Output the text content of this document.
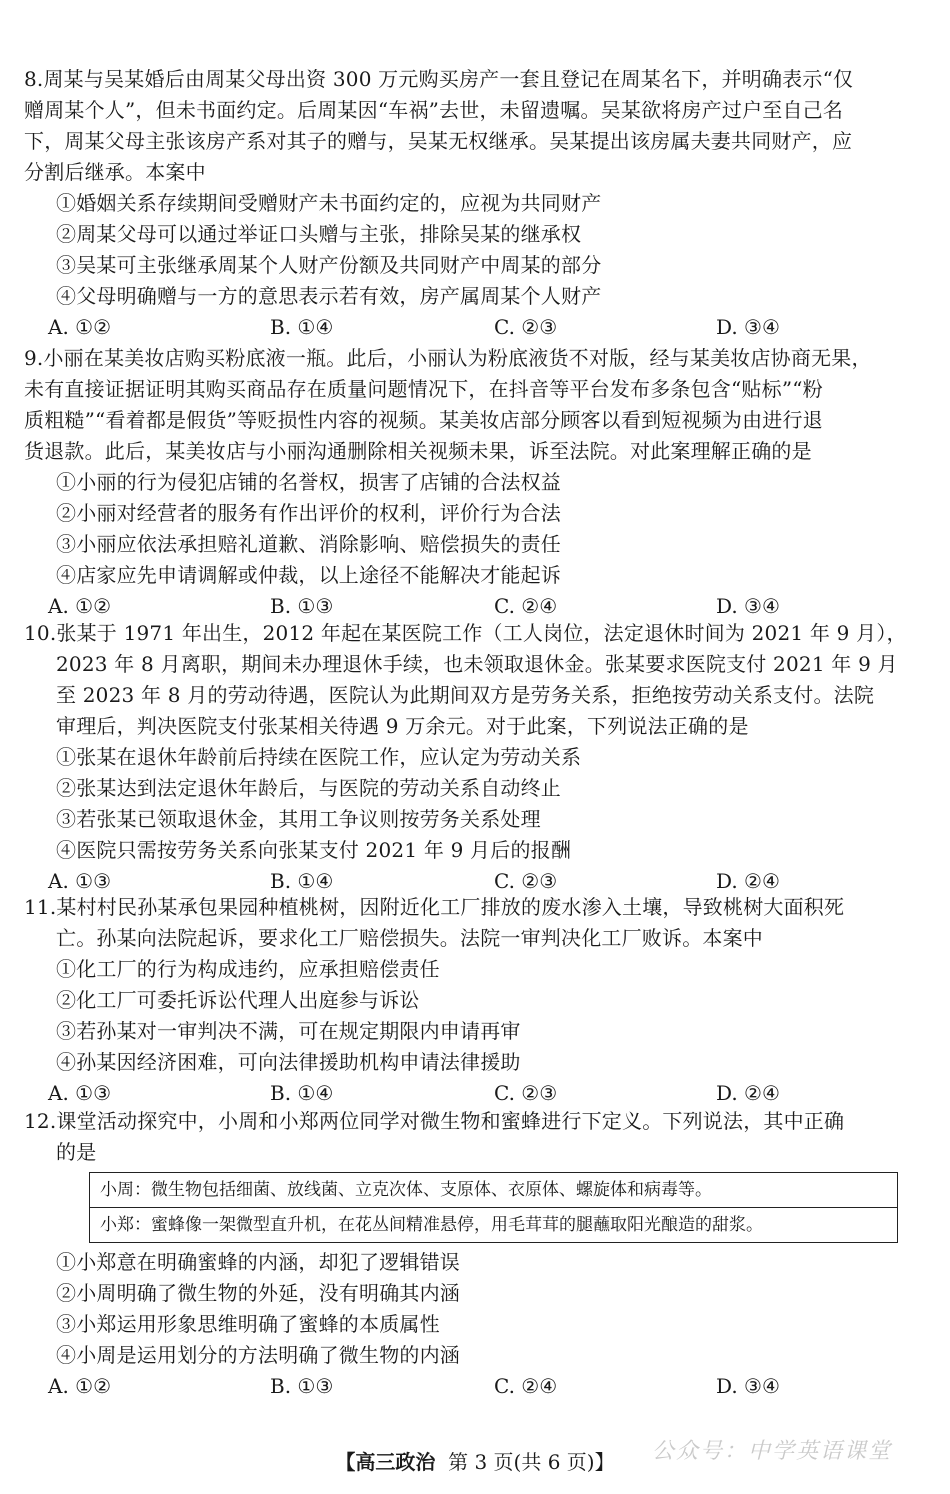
8.周某与吴某婚后由周某父母出资 300 万元购买房产一套且登记在周某名下，并明确表示“仅
赠周某个人”，但未书面约定。后周某因“车祸”去世，未留遗嘱。吴某欲将房产过户至自己名
下，周某父母主张该房产系对其子的赠与，吴某无权继承。吴某提出该房属夫妻共同财产，应
分割后继承。本案中
①婚姻关系存续期间受赠财产未书面约定的，应视为共同财产
②周某父母可以通过举证口头赠与主张，排除吴某的继承权
③吴某可主张继承周某个人财产份额及共同财产中周某的部分
④父母明确赠与一方的意思表示若有效，房产属周某个人财产
A. ①②	B. ①④	C. ②③	D. ③④
9.小丽在某美妆店购买粉底液一瓶。此后，小丽认为粉底液货不对版，经与某美妆店协商无果，
未有直接证据证明其购买商品存在质量问题情况下，在抖音等平台发布多条包含“贴标”“粉
质粗糙”“看着都是假货”等贬损性内容的视频。某美妆店部分顾客以看到短视频为由进行退
货退款。此后，某美妆店与小丽沟通删除相关视频未果，诉至法院。对此案理解正确的是
①小丽的行为侵犯店铺的名誉权，损害了店铺的合法权益
②小丽对经营者的服务有作出评价的权利，评价行为合法
③小丽应依法承担赔礼道歉、消除影响、赔偿损失的责任
④店家应先申请调解或仲裁，以上途径不能解决才能起诉
A. ①②	B. ①③	C. ②④	D. ③④
10.张某于 1971 年出生，2012 年起在某医院工作（工人岗位，法定退休时间为 2021 年 9 月），
2023 年 8 月离职，期间未办理退休手续，也未领取退休金。张某要求医院支付 2021 年 9 月
至 2023 年 8 月的劳动待遇，医院认为此期间双方是劳务关系，拒绝按劳动关系支付。法院
审理后，判决医院支付张某相关待遇 9 万余元。对于此案，下列说法正确的是
①张某在退休年龄前后持续在医院工作，应认定为劳动关系
②张某达到法定退休年龄后，与医院的劳动关系自动终止
③若张某已领取退休金，其用工争议则按劳务关系处理
④医院只需按劳务关系向张某支付 2021 年 9 月后的报酬
A. ①③	B. ①④	C. ②③	D. ②④
11.某村村民孙某承包果园种植桃树，因附近化工厂排放的废水渗入土壤，导致桃树大面积死
亡。孙某向法院起诉，要求化工厂赔偿损失。法院一审判决化工厂败诉。本案中
①化工厂的行为构成违约，应承担赔偿责任
②化工厂可委托诉讼代理人出庭参与诉讼
③若孙某对一审判决不满，可在规定期限内申请再审
④孙某因经济困难，可向法律援助机构申请法律援助
A. ①③	B. ①④	C. ②③	D. ②④
12.课堂活动探究中，小周和小郑两位同学对微生物和蜜蜂进行下定义。下列说法，其中正确
的是
小周：微生物包括细菌、放线菌、立克次体、支原体、衣原体、螺旋体和病毒等。
小郑：蜜蜂像一架微型直升机，在花丛间精准悬停，用毛茸茸的腿蘸取阳光酿造的甜浆。
①小郑意在明确蜜蜂的内涵，却犯了逻辑错误
②小周明确了微生物的外延，没有明确其内涵
③小郑运用形象思维明确了蜜蜂的本质属性
④小周是运用划分的方法明确了微生物的内涵
A. ①②	B. ①③	C. ②④	D. ③④
【高三政治 第 3 页(共 6 页)】	公众号：中学英语课堂
